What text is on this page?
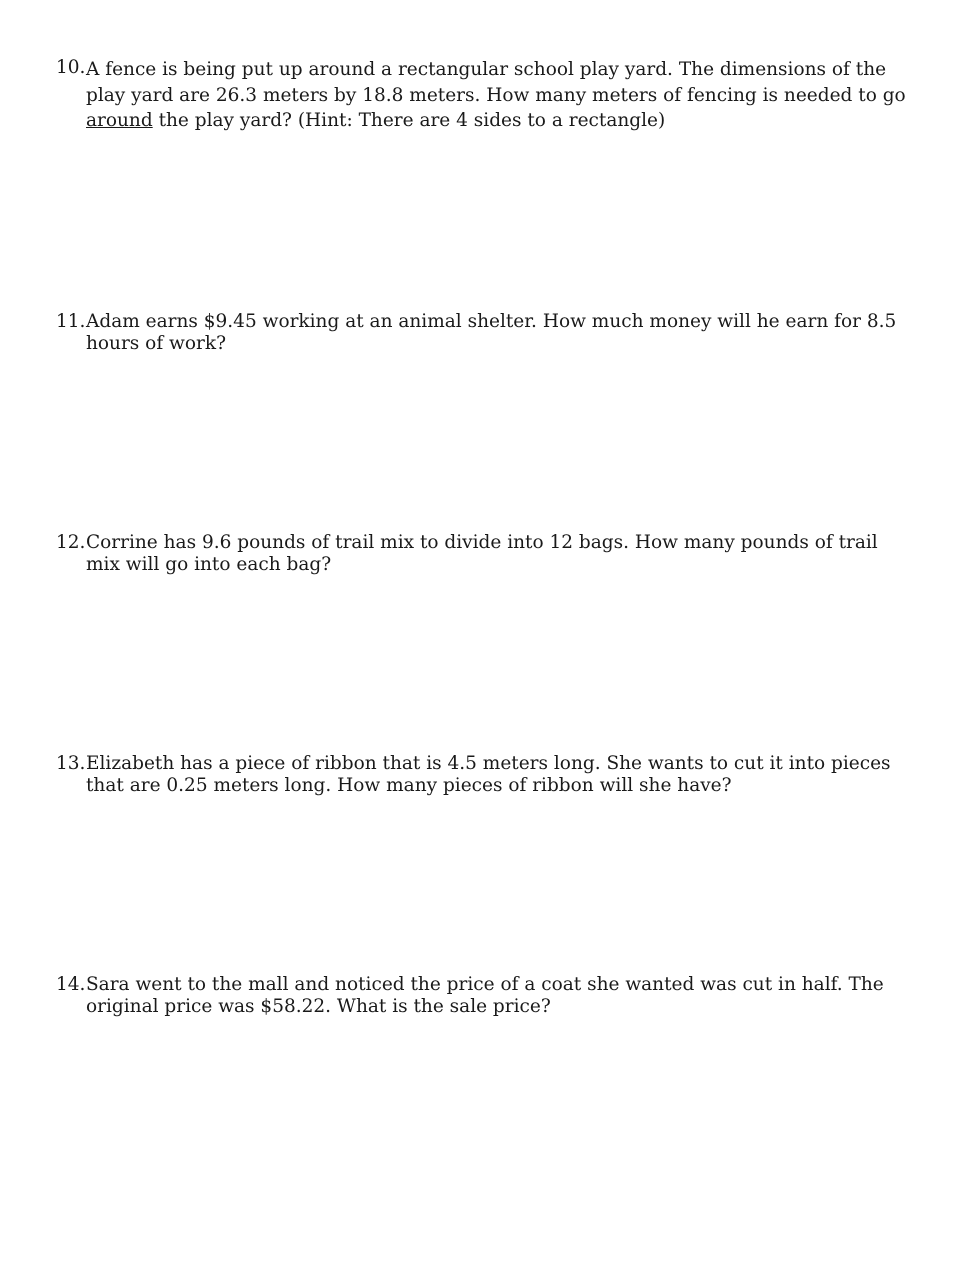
10. A fence is being put up around a rectangular school play yard. The dimensions of the play yard are 26.3 meters by 18.8 meters. How many meters of fencing is needed to go around the play yard? (Hint: There are 4 sides to a rectangle)
11. Adam earns $9.45 working at an animal shelter. How much money will he earn for 8.5 hours of work?
12. Corrine has 9.6 pounds of trail mix to divide into 12 bags. How many pounds of trail mix will go into each bag?
13. Elizabeth has a piece of ribbon that is 4.5 meters long. She wants to cut it into pieces that are 0.25 meters long. How many pieces of ribbon will she have?
14. Sara went to the mall and noticed the price of a coat she wanted was cut in half. The original price was $58.22. What is the sale price?
